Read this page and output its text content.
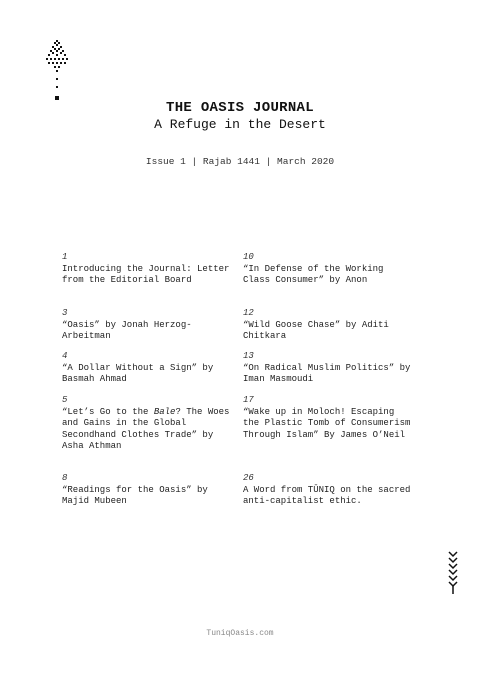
THE OASIS JOURNAL

A Refuge in the Desert

Issue 1 | Rajab 1441 | March 2020
1
Introducing the Journal: Letter from the Editorial Board
3
“Oasis” by Jonah Herzog-Arbeitman
4
“A Dollar Without a Sign” by Basmah Ahmad
5
“Let’s Go to the Bale? The Woes and Gains in the Global Secondhand Clothes Trade” by Asha Athman
8
“Readings for the Oasis” by Majid Mubeen
10
“In Defense of the Working Class Consumer” by Anon
12
“Wild Goose Chase” by Aditi Chitkara
13
“On Radical Muslim Politics” by Iman Masmoudi
17
“Wake up in Moloch! Escaping the Plastic Tomb of Consumerism Through Islam” By James O’Neil
26
A Word from TŪNIQ on the sacred anti-capitalist ethic.
TuniqOasis.com
